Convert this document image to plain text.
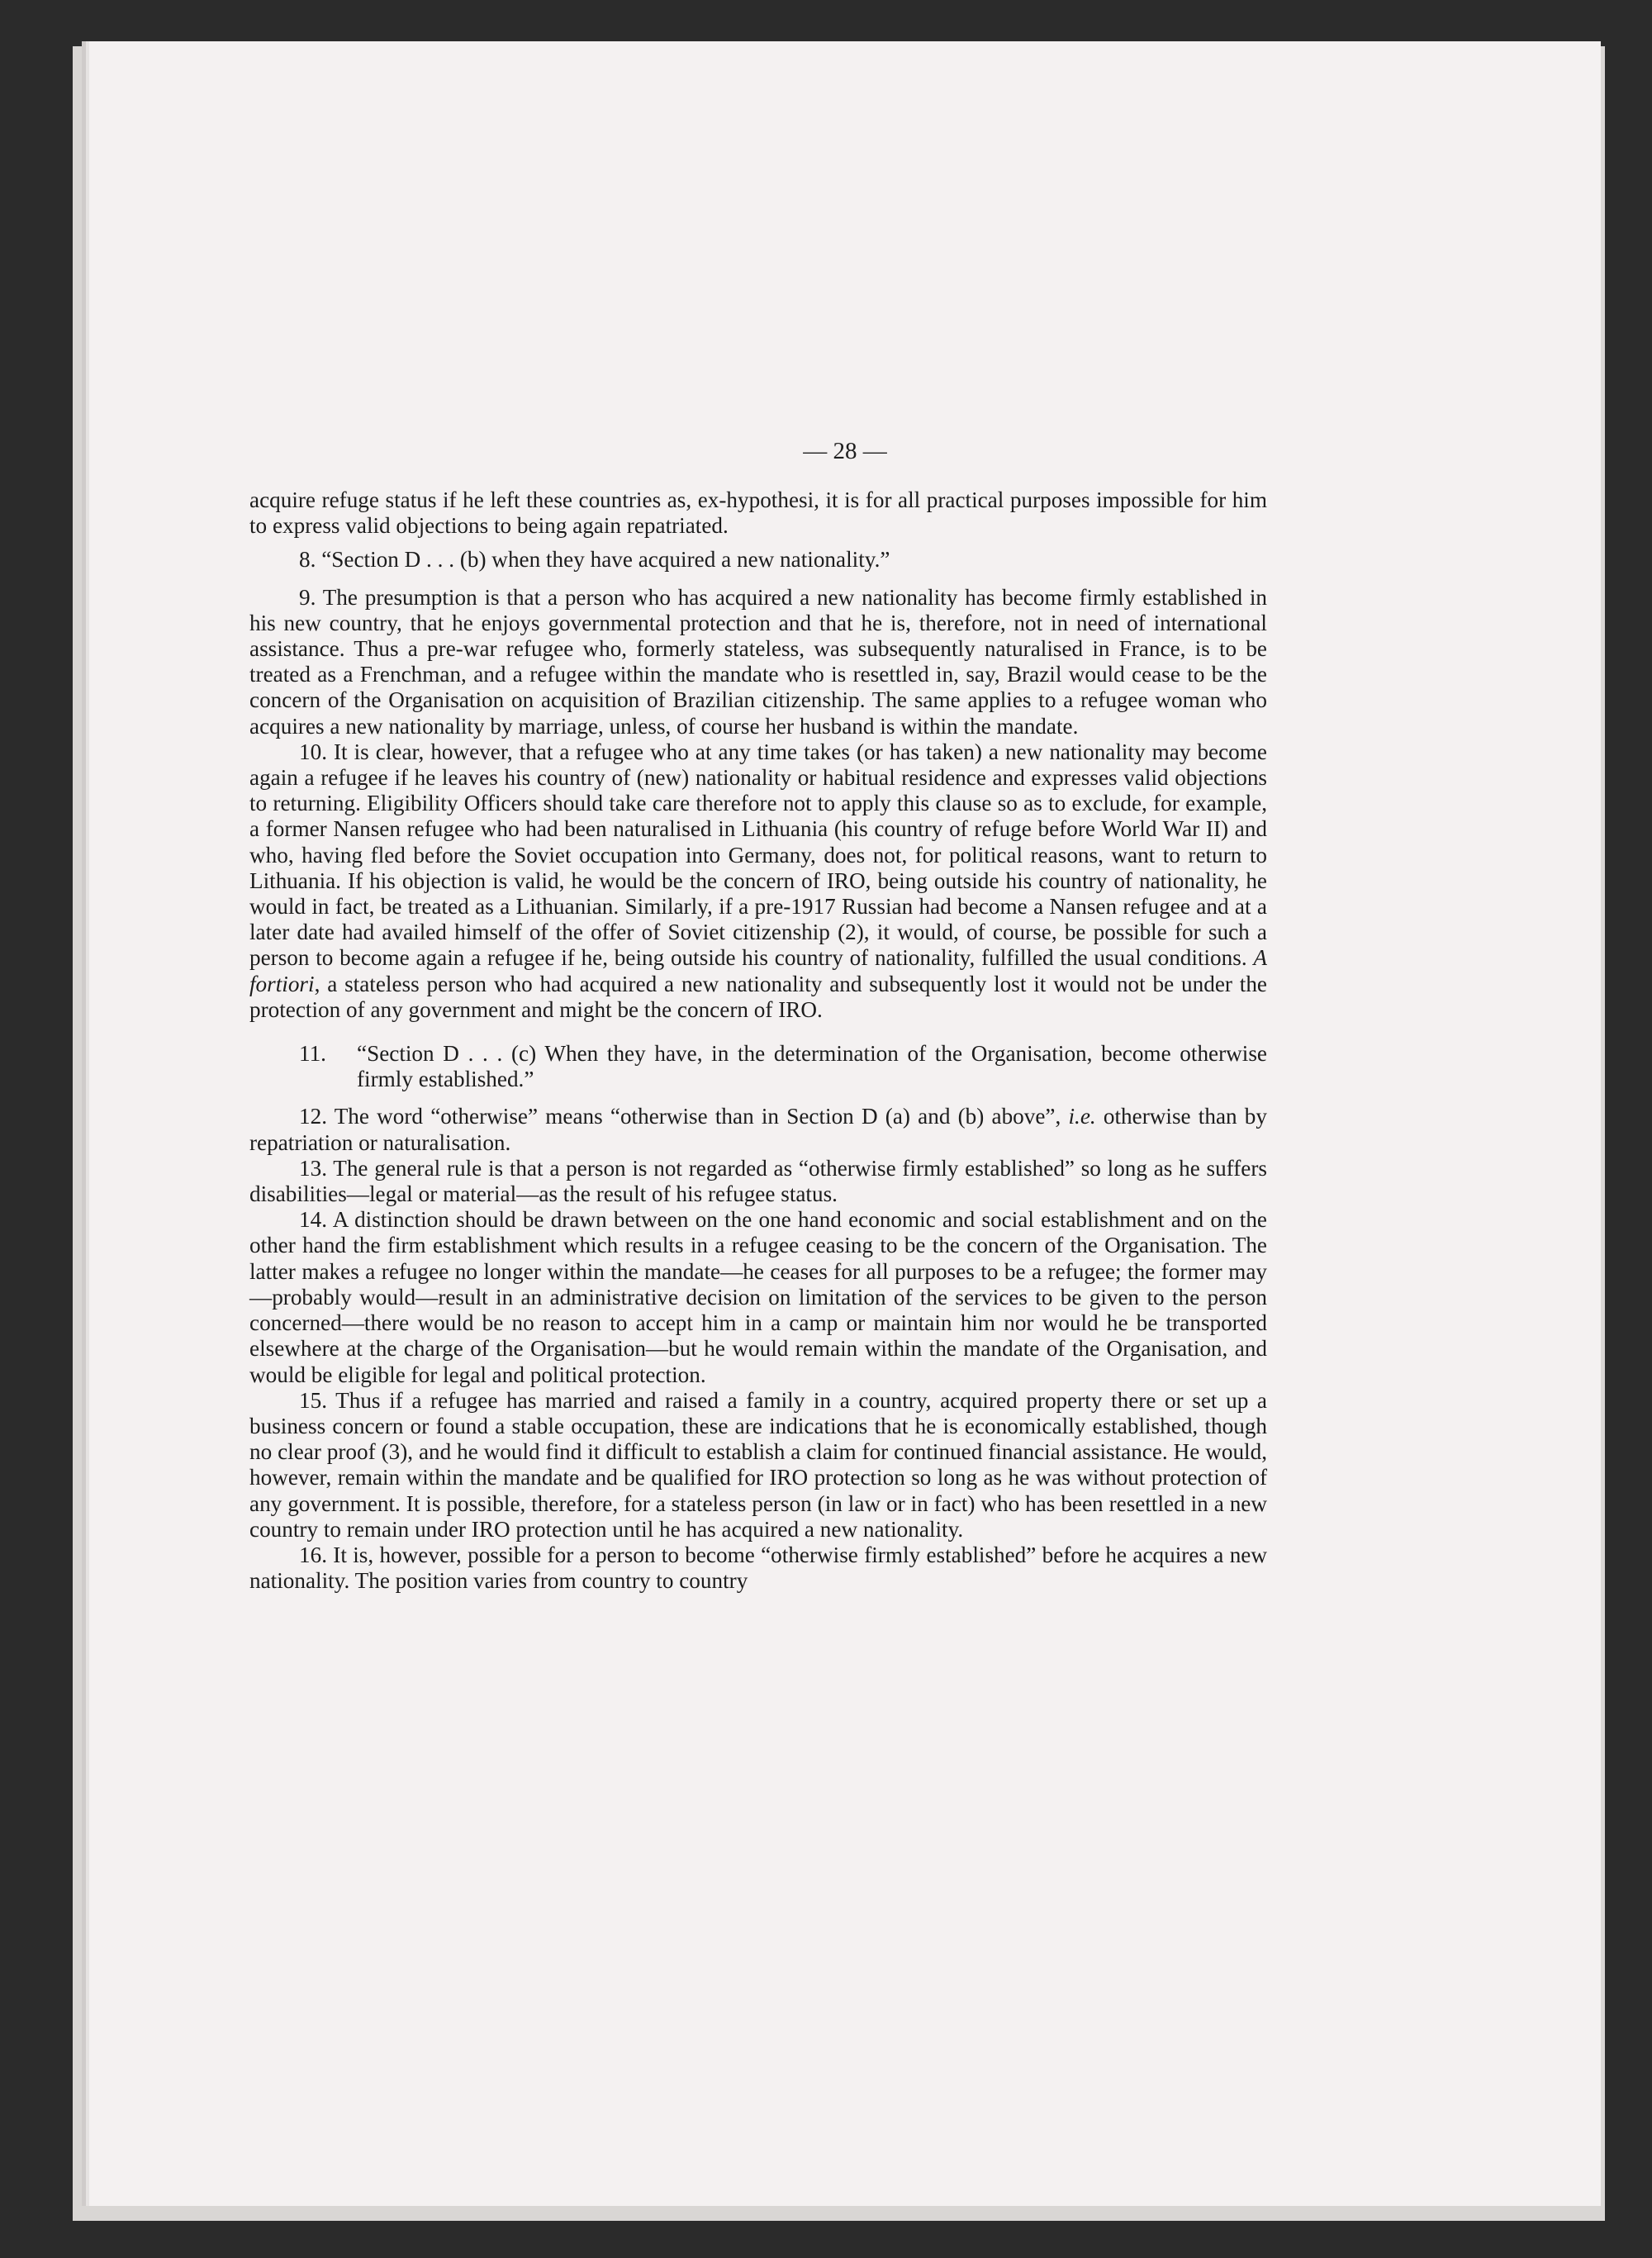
— 28 —

acquire refuge status if he left these countries as, ex-hypothesi, it is for all practical purposes impossible for him to express valid objections to being again repatriated.

8. “Section D . . . (b) when they have acquired a new nationality.”

9. The presumption is that a person who has acquired a new nationality has become firmly established in his new country, that he enjoys governmental protection and that he is, therefore, not in need of international assistance. Thus a pre-war refugee who, formerly stateless, was subsequently naturalised in France, is to be treated as a Frenchman, and a refugee within the mandate who is resettled in, say, Brazil would cease to be the concern of the Organisation on acquisition of Brazilian citizenship. The same applies to a refugee woman who acquires a new nationality by marriage, unless, of course her husband is within the mandate.

10. It is clear, however, that a refugee who at any time takes (or has taken) a new nationality may become again a refugee if he leaves his country of (new) nationality or habitual residence and expresses valid objections to returning. Eligibility Officers should take care therefore not to apply this clause so as to exclude, for example, a former Nansen refugee who had been naturalised in Lithuania (his country of refuge before World War II) and who, having fled before the Soviet occupation into Germany, does not, for political reasons, want to return to Lithuania. If his objection is valid, he would be the concern of IRO, being outside his country of nationality, he would in fact, be treated as a Lithuanian. Similarly, if a pre-1917 Russian had become a Nansen refugee and at a later date had availed himself of the offer of Soviet citizenship (2), it would, of course, be possible for such a person to become again a refugee if he, being outside his country of nationality, fulfilled the usual conditions. A fortiori, a stateless person who had acquired a new nationality and subsequently lost it would not be under the protection of any government and might be the concern of IRO.

11. “Section D . . . (c) When they have, in the determination of the Organisation, become otherwise firmly established.”

12. The word “otherwise” means “otherwise than in Section D (a) and (b) above”, i.e. otherwise than by repatriation or naturalisation.

13. The general rule is that a person is not regarded as “otherwise firmly established” so long as he suffers disabilities—legal or material—as the result of his refugee status.

14. A distinction should be drawn between on the one hand economic and social establishment and on the other hand the firm establishment which results in a refugee ceasing to be the concern of the Organisation. The latter makes a refugee no longer within the mandate—he ceases for all purposes to be a refugee; the former may—probably would—result in an administrative decision on limitation of the services to be given to the person concerned—there would be no reason to accept him in a camp or maintain him nor would he be transported elsewhere at the charge of the Organisation—but he would remain within the mandate of the Organisation, and would be eligible for legal and political protection.

15. Thus if a refugee has married and raised a family in a country, acquired property there or set up a business concern or found a stable occupation, these are indications that he is economically established, though no clear proof (3), and he would find it difficult to establish a claim for continued financial assistance. He would, however, remain within the mandate and be qualified for IRO protection so long as he was without protection of any government. It is possible, therefore, for a stateless person (in law or in fact) who has been resettled in a new country to remain under IRO protection until he has acquired a new nationality.

16. It is, however, possible for a person to become “otherwise firmly established” before he acquires a new nationality. The position varies from country to country
